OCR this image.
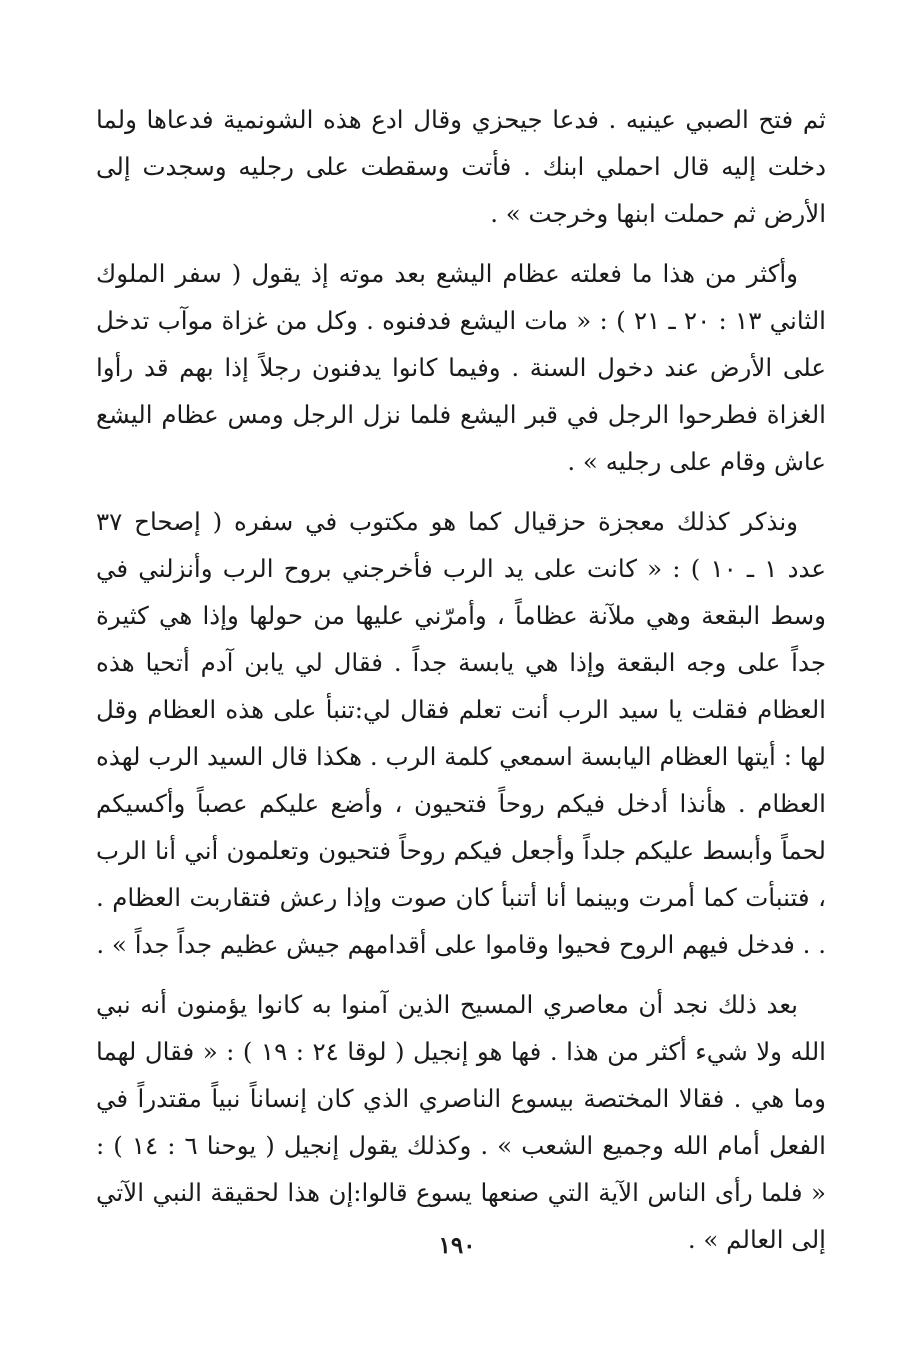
ثم فتح الصبي عينيه . فدعا جيحزي وقال ادع هذه الشونمية فدعاها ولما دخلت إليه قال احملي ابنك . فأتت وسقطت على رجليه وسجدت إلى الأرض ثم حملت ابنها وخرجت » .

وأكثر من هذا ما فعلته عظام اليشع بعد موته إذ يقول ( سفر الملوك الثاني ١٣ : ٢٠ ـ ٢١ ) : « مات اليشع فدفنوه . وكل من غزاة موآب تدخل على الأرض عند دخول السنة . وفيما كانوا يدفنون رجلاً إذا بهم قد رأوا الغزاة فطرحوا الرجل في قبر اليشع فلما نزل الرجل ومس عظام اليشع عاش وقام على رجليه » .

ونذكر كذلك معجزة حزقيال كما هو مكتوب في سفره ( إصحاح ٣٧ عدد ١ ـ ١٠ ) : « كانت على يد الرب فأخرجني بروح الرب وأنزلني في وسط البقعة وهي ملآنة عظاماً ، وأمرّني عليها من حولها وإذا هي كثيرة جداً على وجه البقعة وإذا هي يابسة جداً . فقال لي يابن آدم أتحيا هذه العظام فقلت يا سيد الرب أنت تعلم فقال لي:تنبأ على هذه العظام وقل لها : أيتها العظام اليابسة اسمعي كلمة الرب . هكذا قال السيد الرب لهذه العظام . هأنذا أدخل فيكم روحاً فتحيون ، وأضع عليكم عصباً وأكسيكم لحماً وأبسط عليكم جلداً وأجعل فيكم روحاً فتحيون وتعلمون أني أنا الرب ، فتنبأت كما أمرت وبينما أنا أتنبأ كان صوت وإذا رعش فتقاربت العظام . . . فدخل فيهم الروح فحيوا وقاموا على أقدامهم جيش عظيم جداً جداً » .

بعد ذلك نجد أن معاصري المسيح الذين آمنوا به كانوا يؤمنون أنه نبي الله ولا شيء أكثر من هذا . فها هو إنجيل ( لوقا ٢٤ : ١٩ ) : « فقال لهما وما هي . فقالا المختصة بيسوع الناصري الذي كان إنساناً نبياً مقتدراً في الفعل أمام الله وجميع الشعب » . وكذلك يقول إنجيل ( يوحنا ٦ : ١٤ ) : « فلما رأى الناس الآية التي صنعها يسوع قالوا:إن هذا لحقيقة النبي الآتي إلى العالم » .

١٩٠
